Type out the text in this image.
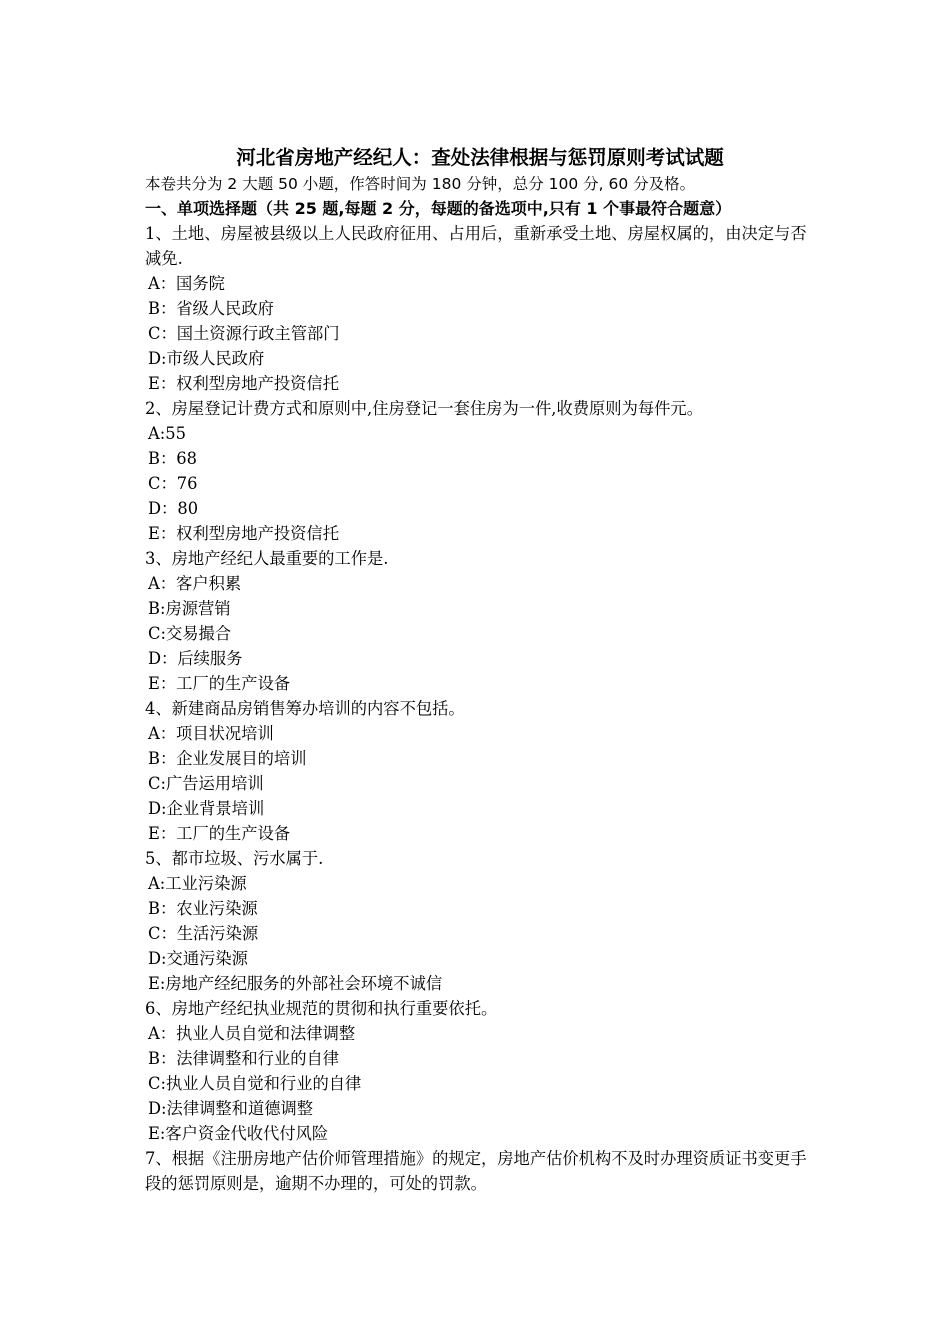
河北省房地产经纪人：查处法律根据与惩罚原则考试试题
本卷共分为 2 大题 50 小题，作答时间为 180 分钟，总分 100 分, 60 分及格。
一、单项选择题（共 25 题,每题 2 分，每题的备选项中,只有 1 个事最符合题意）
1、土地、房屋被县级以上人民政府征用、占用后，重新承受土地、房屋权属的，由决定与否减免.
A：国务院
B：省级人民政府
C：国土资源行政主管部门
D:市级人民政府
E：权利型房地产投资信托
2、房屋登记计费方式和原则中,住房登记一套住房为一件,收费原则为每件元。
A:55
B：68
C：76
D：80
E：权利型房地产投资信托
3、房地产经纪人最重要的工作是.
A：客户积累
B:房源营销
C:交易撮合
D：后续服务
E：工厂的生产设备
4、新建商品房销售筹办培训的内容不包括。
A：项目状况培训
B：企业发展目的培训
C:广告运用培训
D:企业背景培训
E：工厂的生产设备
5、都市垃圾、污水属于.
A:工业污染源
B：农业污染源
C：生活污染源
D:交通污染源
E:房地产经纪服务的外部社会环境不诚信
6、房地产经纪执业规范的贯彻和执行重要依托。
A：执业人员自觉和法律调整
B：法律调整和行业的自律
C:执业人员自觉和行业的自律
D:法律调整和道德调整
E:客户资金代收代付风险
7、根据《注册房地产估价师管理措施》的规定，房地产估价机构不及时办理资质证书变更手段的惩罚原则是，逾期不办理的，可处的罚款。
